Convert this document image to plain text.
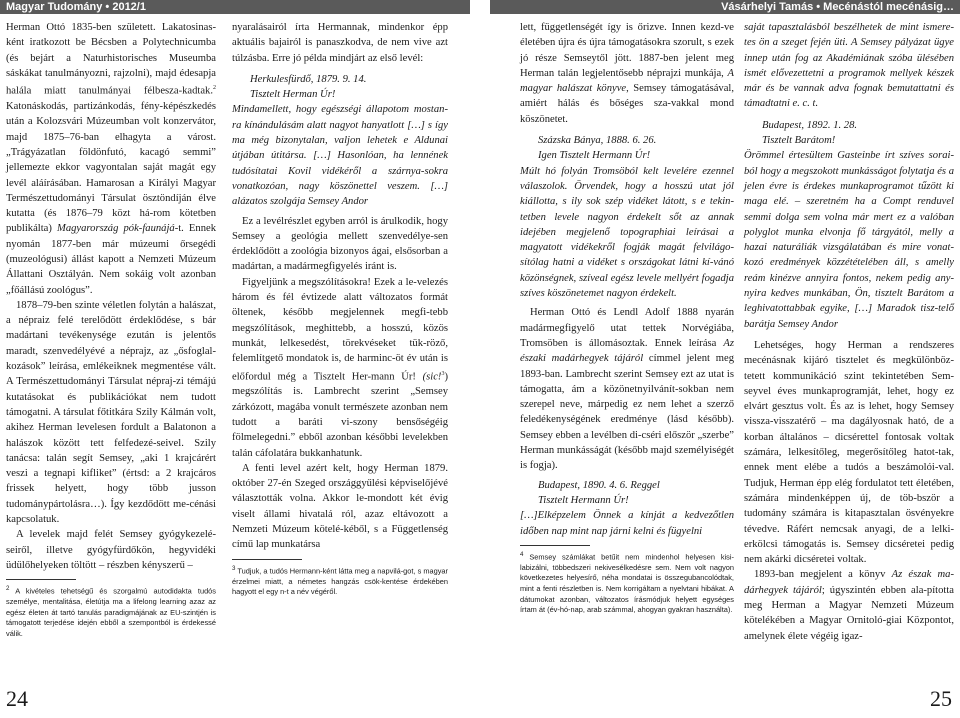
Magyar Tudomány • 2012/1	Vásárhelyi Tamás • Mecénástól mecénásig…

Herman Ottó 1835-ben született. Lakatosinas-ként iratkozott be Bécsben a Polytechnicumba (és bejárt a Naturhistorisches Museumba sáskákat tanulmányozni, rajzolni), majd édesapja halála miatt tanulmányai félbesza-kadtak.$^2$ Katonáskodás, partizánkodás, fény-képészkedés után a Kolozsvári Múzeumban volt konzervátor, majd 1875–76-ban elhagyta a várost. „Trágyázatlan földönfutó, kacagó semmi” jellemezte ekkor vagyontalan saját magát egy levél aláírásában. Hamarosan a Királyi Magyar Természettudományi Társulat ösztöndíján élve kutatta (és 1876–79 közt há-rom kötetben publikálta) Magyarország pók-faunájá-t. Ennek nyomán 1877-ben már múzeumi őrsegédi (muzeológusi) állást kapott a Nemzeti Múzeum Állattani Osztályán. Nem sokáig volt azonban „főállású zoológus”.

1878–79-ben szinte véletlen folytán a halászat, a népraiz felé terelődött érdeklődése, s bár madártani tevékenysége ezután is jelentős maradt, szenvedélyévé a néprajz, az „ősfoglal-kozások” leírása, emlékeiknek megmentése vált. A Természettudományi Társulat népraj-zi témájú kutatásokat és publikációkat nem tudott támogatni. A társulat főtitkára Szily Kálmán volt, akihez Herman levelesen fordult a Balatonon a halászok között tett felfedezé-seivel. Szily tanácsa: talán segít Semsey, „aki 1 krajcárért veszi a tegnapi kifliket” (értsd: a 2 krajcáros frissek helyett, hogy több jusson tudománypártolásra…). Így kezdődött me-cénási kapcsolatuk.

A levelek majd felét Semsey gyógykezelé-seiről, illetve gyógyfürdőkön, hegyvidéki üdülőhelyeken töltött – részben kényszerű –

$^2$ A kivételes tehetségű és szorgalmú autodidakta tudós személye, mentalitása, életútja ma a lifelong learning azaz az egész életen át tartó tanulás paradigmájának az EU-szintjén is támogatott terjedése idején ebből a szempontból is érdekessé válik.

nyaralásairól írta Hermannak, mindenkor épp aktuális bajairól is panaszkodva, de nem vive azt túlzásba. Erre jó példa mindjárt az első levél:

Herkulesfürdő, 1879. 9. 14.

Tisztelt Herman Úr!

Mindamellett, hogy egészségi állapotom mostan-ra kínándulásám alatt nagyot hanyatlott […] s így ma még bizonytalan, valjon lehetek e Aldunai útjában útitársa. […] Hasonlóan, ha lennének tudósítatai Kovil vidékéről a szárnya-sokra vonatkozóan, nagy köszönettel veszem. […] alázatos szolgája Semsey Andor

Ez a levélrészlet egyben arról is árulkodik, hogy Semsey a geológia mellett szenvedélye-sen érdeklődött a zoológia bizonyos ágai, elsősorban a madártan, a madármegfigyelés iránt is.

Figyeljünk a megszólításokra! Ezek a le-velezés három és fél évtizede alatt változatos formát öltenek, később megjelennek megfi-tebb megszólítások, meghittebb, a hosszú, közös munkát, lelkesedést, törekvéseket tük-röző, felemlítgető mondatok is, de harminc-öt év után is előfordul még a Tisztelt Her-mann Úr! (sic!$^3$) megszólítás is. Lambrecht szerint „Semsey zárkózott, magába vonult természete azonban nem tudott a baráti vi-szony bensőségéig fölmelegedni.” ebből azonban későbbi levelekben talán cáfolatára bukkanhatunk.

A fenti level azért kelt, hogy Herman 1879. október 27-én Szeged országgyűlési képviselőjévé választották volna. Akkor le-mondott két évig viselt állami hivatalá ról, azaz eltávozott a Nemzeti Múzeum kötelé-kéből, s a Függetlenség című lap munkatársa

$^3$ Tudjuk, a tudós Hermann-ként látta meg a napvilá-got, s magyar érzelmei miatt, a németes hangzás csök-kentése érdekében hagyott el egy n-t a név végéről.

24

lett, függetlenségét így is őrizve. Innen kezd-ve életében újra és újra támogatásokra szorult, s ezek jó része Semseytől jött. 1887-ben jelent meg Herman talán legjelentősebb néprajzi munkája, A magyar halászat könyve, Semsey támogatásával, amiért hálás és bőséges sza-vakkal mond köszönetet.

Százska Bánya, 1888. 6. 26.

Igen Tisztelt Hermann Úr!

Múlt hó folyán Tromsöból kelt levelére ezennel válaszolok. Örvendek, hogy a hosszú utat jól kiállotta, s ily sok szép vidéket látott, s e tekin-tetben levele nagyon érdekelt sőt az annak idejében megjelenő topographiai leírásai a magyatott vidékekről fogják magát felvilágo-sítólag hatni a vidéket s országokat látni kí-vánó közönségnek, szíveal egész levele mellyért fogadja szíves köszönetemet nagyon érdekelt.

Herman Ottó és Lendl Adolf 1888 nyarán madármegfigyelő utat tettek Norvégiába, Tromsöben is állomásoztak. Ennek leírása Az északi madárhegyek tájáról címmel jelent meg 1893-ban. Lambrecht szerint Semsey ezt az utat is támogatta, ám a közönetnyilvánít-sokban nem szerepel neve, márpedig ez nem lehet a szerző feledékenységének eredménye (lásd később). Semsey ebben a levélben di-cséri először „szerbe” Herman munkásságát (később majd személyiségét is fogja).

Budapest, 1890. 4. 6. Reggel

Tisztelt Hermann Úr!

[…]Elképzelem Önnek a kínját a kedvezőtlen időben nap mint nap járni kelni és fügyelni

$^4$ Semsey számlákat betűit nem mindenhol helyesen kisi-labizálni, többedszeri nekivesélkedésre sem. Nem volt nagyon következetes helyesírő, néha mondatai is összegubancolódtak, mint a fenti részletben is. Nem korrigáltam a nyelvtani hibákat. A dátumokat azonban, változatos írásmódjuk helyett egységes írtam át (év-hó-nap, arab számmal, ahogyan gyakran használta).

saját tapasztalásból beszélhetek de mint ismere-tes ön a szeget fején üti. A Semsey pályázat ügye innep után fog az Akadémiának szóba ülésében ismét elővezettetni a programok mellyek készek már és be vannak adva fognak bemutattatni és támadtatni e. c. t.

Budapest, 1892. 1. 28.

Tisztelt Barátom!

Örömmel értesültem Gasteinbe írt szíves sorai-ból hogy a megszokott munkásságot folytatja és a jelen évre is érdekes munkaprogramot tűzött ki maga elé. – szeretném ha a Compt renduvel semmi dolga sem volna már mert ez a valóban polyglot munka elvonja fő tárgyától, melly a hazai naturáliák vizsgálatában és mire vonat-kozó eredmények közzétételében áll, s amelly reám kinézve annyira fontos, nekem pedig any-nyira kedves munkában, Ön, tisztelt Barátom a leghivatottabbak egyike, […] Maradok tisz-telő barátja Semsey Andor

Lehetséges, hogy Herman a rendszeres mecénásnak kijáró tisztelet és megkülönböz-tetett kommunikáció szint tekintetében Sem-seyvel éves munkaprogramját, lehet, hogy ez elvárt gesztus volt. És az is lehet, hogy Semsey vissza-visszatérő – ma dagályosnak ható, de a korban általános – dicsérettel fontosak voltak számára, lelkesítőleg, megerősítőleg hatot-tak, ennek ment elébe a tudós a beszámolói-val. Tudjuk, Herman épp elég fordulatot tett életében, számára mindenképpen új, de töb-bször a tudomány számára is kitapasztalan ösvényekre tévedve. Ráfért nemcsak anyagi, de a lelki-erkölcsi támogatás is. Semsey dicséretei pedig nem akárki dicséretei voltak.

1893-ban megjelent a könyv Az észak ma-dárhegyek tájáról; úgyszintén ebben ala-pította meg Herman a Magyar Nemzeti Múzeum kötelékében a Magyar Ornitoló-giai Központot, amelynek élete végéig igaz-

25
